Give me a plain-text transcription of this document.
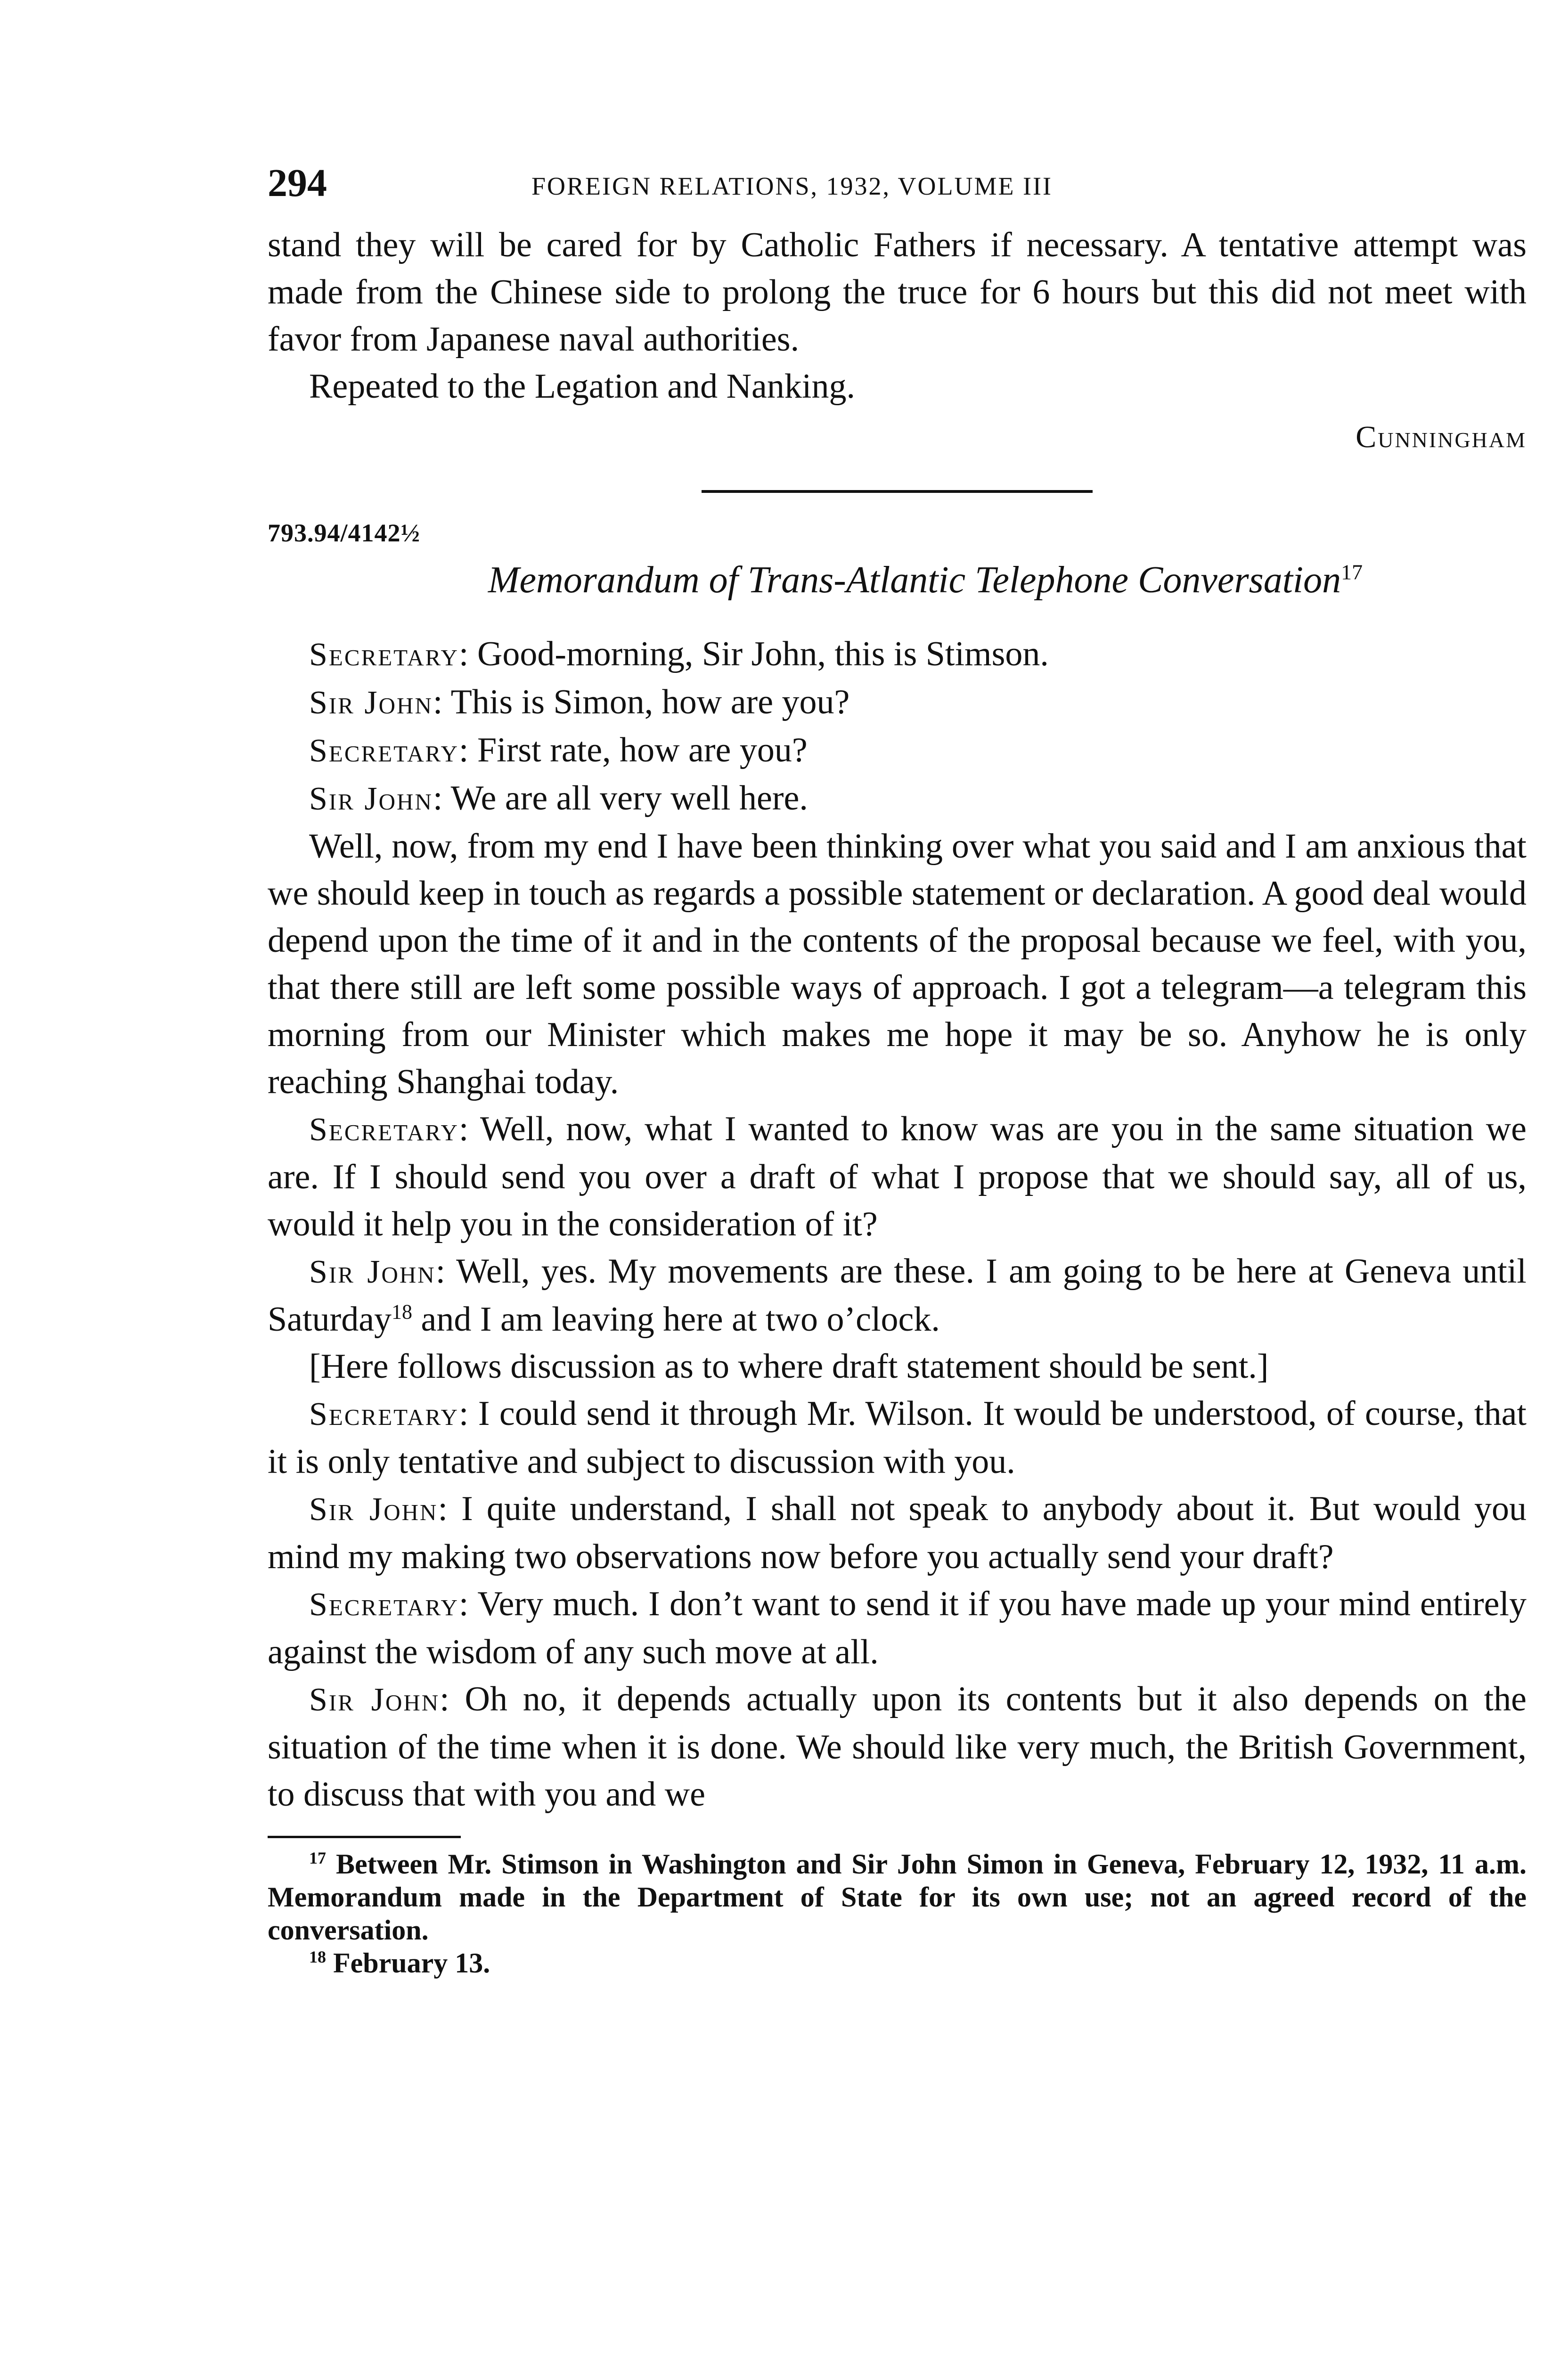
294	FOREIGN RELATIONS, 1932, VOLUME III

stand they will be cared for by Catholic Fathers if necessary. A tentative attempt was made from the Chinese side to prolong the truce for 6 hours but this did not meet with favor from Japanese naval authorities.

Repeated to the Legation and Nanking.

Cunningham

793.94/4142½

Memorandum of Trans-Atlantic Telephone Conversation$^{17}$

Secretary: Good-morning, Sir John, this is Stimson.

Sir John: This is Simon, how are you?

Secretary: First rate, how are you?

Sir John: We are all very well here.

Well, now, from my end I have been thinking over what you said and I am anxious that we should keep in touch as regards a possible statement or declaration. A good deal would depend upon the time of it and in the contents of the proposal because we feel, with you, that there still are left some possible ways of approach. I got a telegram—a telegram this morning from our Minister which makes me hope it may be so. Anyhow he is only reaching Shanghai today.

Secretary: Well, now, what I wanted to know was are you in the same situation we are. If I should send you over a draft of what I propose that we should say, all of us, would it help you in the consideration of it?

Sir John: Well, yes. My movements are these. I am going to be here at Geneva until Saturday$^{18}$ and I am leaving here at two o’clock.

[Here follows discussion as to where draft statement should be sent.]

Secretary: I could send it through Mr. Wilson. It would be understood, of course, that it is only tentative and subject to discussion with you.

Sir John: I quite understand, I shall not speak to anybody about it. But would you mind my making two observations now before you actually send your draft?

Secretary: Very much. I don’t want to send it if you have made up your mind entirely against the wisdom of any such move at all.

Sir John: Oh no, it depends actually upon its contents but it also depends on the situation of the time when it is done. We should like very much, the British Government, to discuss that with you and we

$^{17}$ Between Mr. Stimson in Washington and Sir John Simon in Geneva, February 12, 1932, 11 a.m. Memorandum made in the Department of State for its own use; not an agreed record of the conversation.

$^{18}$ February 13.
